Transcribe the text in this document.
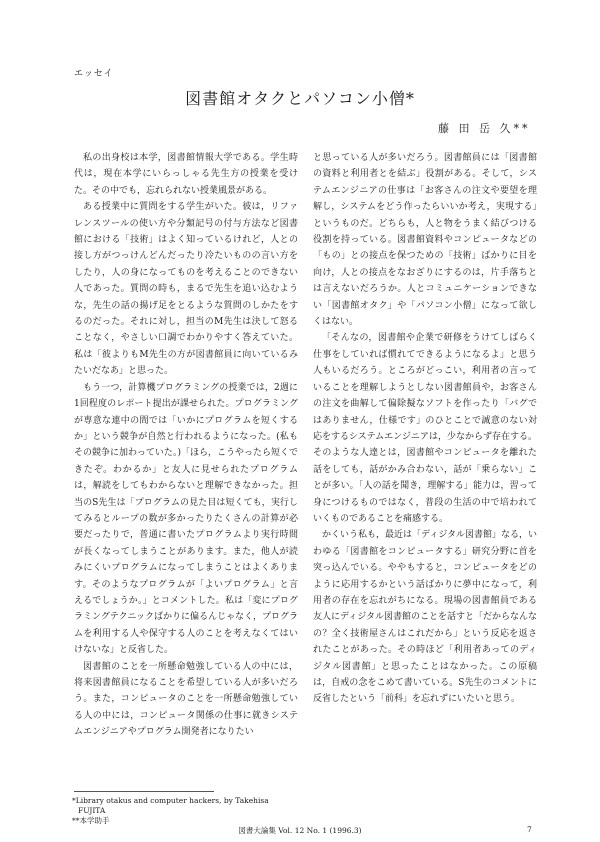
エッセイ
図書館オタクとパソコン小僧*
藤 田 岳 久**

私の出身校は本学，図書館情報大学である。学生時代は，現在本学にいらっしゃる先生方の授業を受けた。その中でも，忘れられない授業風景がある。

ある授業中に質問をする学生がいた。彼は，リファレンスツールの使い方や分類記号の付与方法など図書館における「技術」はよく知っているけれど，人との接し方がつっけんどんだったり冷たいものの言い方をしたり，人の身になってものを考えることのできない人であった。質問の時も，まるで先生を追い込むような，先生の話の揚げ足をとるような質問のしかたをするのだった。それに対し，担当のM先生は決して怒ることなく，やさしい口調でわかりやすく答えていた。私は「彼よりもM先生の方が図書館員に向いているみたいだなあ」と思った。

もう一つ，計算機プログラミングの授業では，2週に1回程度のレポート提出が課せられた。プログラミングが専意な連中の間では「いかにプログラムを短くするか」という競争が自然と行われるようになった。(私もその競争に加わっていた。)「ほら，こうやったら短くできたぞ。わかるか」と友人に見せられたプログラムは，解読をしてもわからないと理解できなかった。担当のS先生は「プログラムの見た目は短くても，実行してみるとループの数が多かったりたくさんの計算が必要だったりで，普通に書いたプログラムより実行時間が長くなってしまうことがあります。また，他人が読みにくいプログラムになってしまうことはよくあります。そのようなプログラムが「よいプログラム」と言えるでしょうか。」とコメントした。私は「変にプログラミングテクニックばかりに偏るんじゃなく，プログラムを利用する人や保守する人のことを考えなくてはいけないな」と反省した。

図書館のことを一所懸命勉強している人の中には，将来図書館員になることを希望している人が多いだろう。また，コンピュータのことを一所懸命勉強している人の中には，コンピュータ関係の仕事に就きシステムエンジニアやプログラム開発者になりたい

と思っている人が多いだろう。図書館員には「図書館の資料と利用者とを結ぶ」役割がある。そして，システムエンジニアの仕事は「お客さんの注文や要望を理解し，システムをどう作ったらいいか考え，実現する」というものだ。どちらも，人と物をうまく結びつける役割を持っている。図書館資料やコンピュータなどの「もの」との接点を保つための「技術」ばかりに目を向け，人との接点をなおざりにするのは，片手落ちとは言えないだろうか。人とコミュニケーションできない「図書館オタク」や「パソコン小僧」になって欲しくはない。

「そんなの，図書館や企業で研修をうけてしばらく仕事をしていれば慣れてできるようになるよ」と思う人もいるだろう。ところがどっこい，利用者の言っていることを理解しようとしない図書館員や，お客さんの注文を曲解して偏除擬なソフトを作ったり「バグではありません，仕様です」のひとことで誠意のない対応をするシステムエンジニアは，少なからず存在する。そのような人達とは，図書館やコンピュータを離れた話をしても，話がかみ合わない，話が「乗らない」ことが多い。「人の話を聞き，理解する」能力は，習って身につけるものではなく，普段の生活の中で培われていくものであることを痛感する。

かくいう私も，最近は「ディジタル図書館」なる，いわゆる「図書館をコンピュータする」研究分野に首を突っ込んでいる。ややもすると，コンピュータをどのように応用するかという話ばかりに夢中になって，利用者の存在を忘れがちになる。現場の図書館員である友人にディジタル図書館のことを話すと「だからなんなの？全く技術屋さんはこれだから」という反応を返されたことがあった。その時ほど「利用者あってのディジタル図書館」と思ったことはなかった。この原稿は，自戒の念をこめて書いている。S先生のコメントに反省したという「前科」を忘れずにいたいと思う。

*Library otakus and computer hackers, by Takehisa
FUJITA
**本学助手
図書大論集 Vol. 12 No. 1 (1996.3)	7
